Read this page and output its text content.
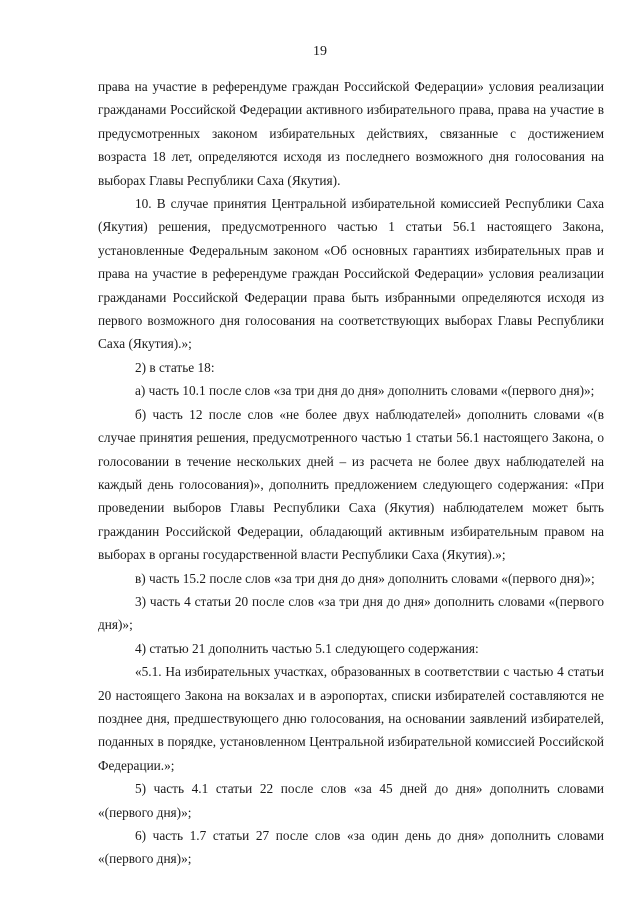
19

права на участие в референдуме граждан Российской Федерации» условия реализации гражданами Российской Федерации активного избирательного права, права на участие в предусмотренных законом избирательных действиях, связанные с достижением возраста 18 лет, определяются исходя из последнего возможного дня голосования на выборах Главы Республики Саха (Якутия).

10. В случае принятия Центральной избирательной комиссией Республики Саха (Якутия) решения, предусмотренного частью 1 статьи 56.1 настоящего Закона, установленные Федеральным законом «Об основных гарантиях избирательных прав и права на участие в референдуме граждан Российской Федерации» условия реализации гражданами Российской Федерации права быть избранными определяются исходя из первого возможного дня голосования на соответствующих выборах Главы Республики Саха (Якутия).»;

2) в статье 18:

а) часть 10.1 после слов «за три дня до дня» дополнить словами «(первого дня)»;

б) часть 12 после слов «не более двух наблюдателей» дополнить словами «(в случае принятия решения, предусмотренного частью 1 статьи 56.1 настоящего Закона, о голосовании в течение нескольких дней – из расчета не более двух наблюдателей на каждый день голосования)», дополнить предложением следующего содержания: «При проведении выборов Главы Республики Саха (Якутия) наблюдателем может быть гражданин Российской Федерации, обладающий активным избирательным правом на выборах в органы государственной власти Республики Саха (Якутия).»;

в) часть 15.2 после слов «за три дня до дня» дополнить словами «(первого дня)»;

3) часть 4 статьи 20 после слов «за три дня до дня» дополнить словами «(первого дня)»;

4) статью 21 дополнить частью 5.1 следующего содержания:

«5.1. На избирательных участках, образованных в соответствии с частью 4 статьи 20 настоящего Закона на вокзалах и в аэропортах, списки избирателей составляются не позднее дня, предшествующего дню голосования, на основании заявлений избирателей, поданных в порядке, установленном Центральной избирательной комиссией Российской Федерации.»;

5) часть 4.1 статьи 22 после слов «за 45 дней до дня» дополнить словами «(первого дня)»;

6) часть 1.7 статьи 27 после слов «за один день до дня» дополнить словами «(первого дня)»;
